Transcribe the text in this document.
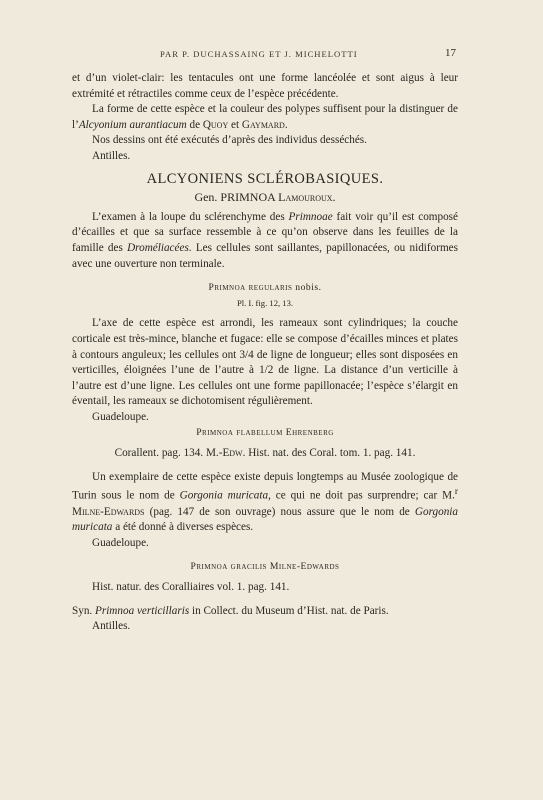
PAR P. DUCHASSAING ET J. MICHELOTTI	17

et d’un violet-clair: les tentacules ont une forme lancéolée et sont aigus à leur extrémité et rétractiles comme ceux de l’espèce précédente.

La forme de cette espèce et la couleur des polypes suffisent pour la distinguer de l’Alcyonium aurantiacum de Quoy et Gaymard.

Nos dessins ont été exécutés d’après des individus desséchés.

Antilles.

ALCYONIENS SCLÉROBASIQUES.

Gen. PRIMNOA Lamouroux.

L’examen à la loupe du sclérenchyme des Primnoae fait voir qu’il est composé d’écailles et que sa surface ressemble à ce qu’on observe dans les feuilles de la famille des Droméliacées. Les cellules sont saillantes, papillonacées, ou nidiformes avec une ouverture non terminale.

Primnoa regularis nobis.

Pl. I. fig. 12, 13.

L’axe de cette espèce est arrondi, les rameaux sont cylindriques; la couche corticale est très-mince, blanche et fugace: elle se compose d’écailles minces et plates à contours anguleux; les cellules ont 3/4 de ligne de longueur; elles sont disposées en verticilles, éloignées l’une de l’autre à 1/2 de ligne. La distance d’un verticille à l’autre est d’une ligne. Les cellules ont une forme papillonacée; l’espèce s’élargit en éventail, les rameaux se dichotomisent régulièrement.

Guadeloupe.

Primnoa flabellum Ehrenberg

Corallent. pag. 134. M.-Edw. Hist. nat. des Coral. tom. 1. pag. 141.

Un exemplaire de cette espèce existe depuis longtemps au Musée zoologique de Turin sous le nom de Gorgonia muricata, ce qui ne doit pas surprendre; car M.$^r$ Milne-Edwards (pag. 147 de son ouvrage) nous assure que le nom de Gorgonia muricata a été donné à diverses espèces.

Guadeloupe.

Primnoa gracilis Milne-Edwards

Hist. natur. des Coralliaires vol. 1. pag. 141.

Syn. Primnoa verticillaris in Collect. du Museum d’Hist. nat. de Paris.

Antilles.
